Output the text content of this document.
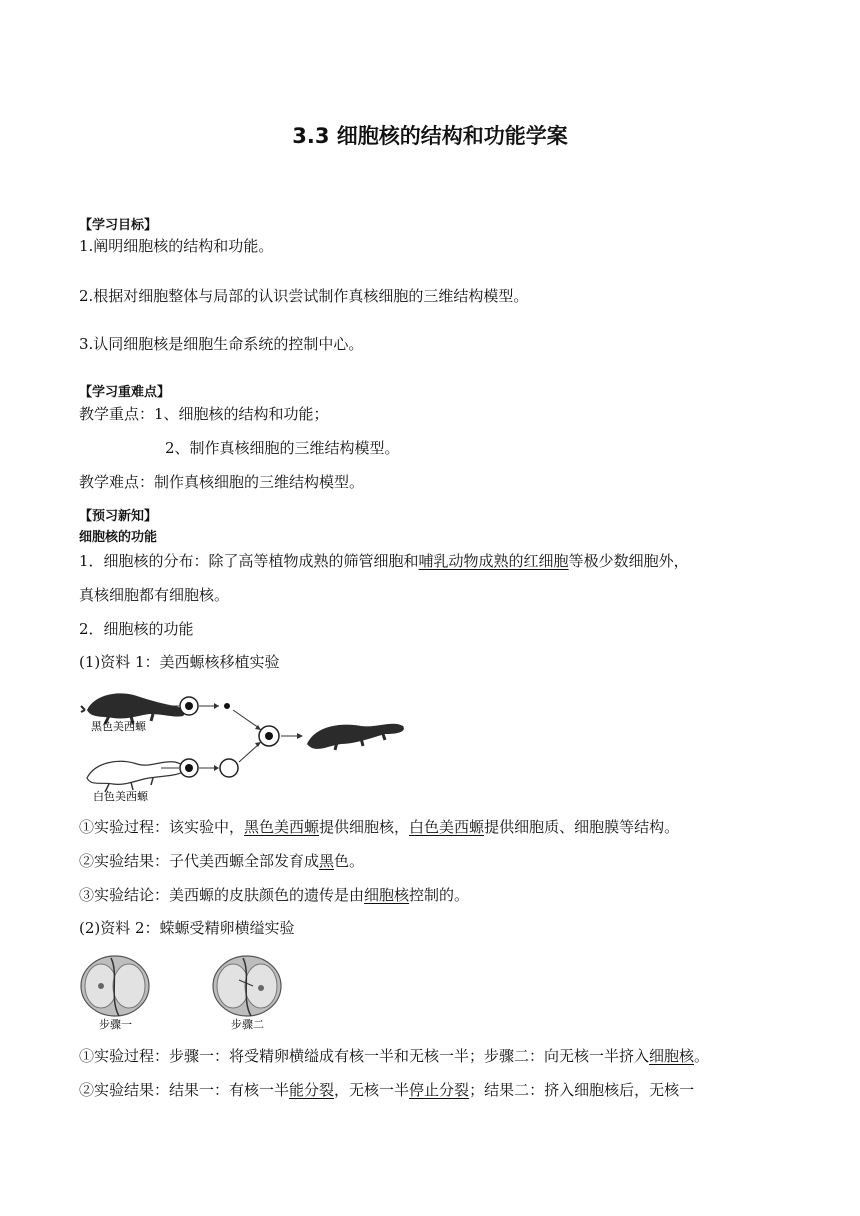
3.3 细胞核的结构和功能学案
【学习目标】
1.阐明细胞核的结构和功能。
2.根据对细胞整体与局部的认识尝试制作真核细胞的三维结构模型。
3.认同细胞核是细胞生命系统的控制中心。
【学习重难点】
教学重点：1、细胞核的结构和功能；
2、制作真核细胞的三维结构模型。
教学难点：制作真核细胞的三维结构模型。
【预习新知】
细胞核的功能
1．细胞核的分布：除了高等植物成熟的筛管细胞和哺乳动物成熟的红细胞等极少数细胞外，
真核细胞都有细胞核。
2．细胞核的功能
(1)资料 1：美西螈核移植实验
黑色美西螈
白色美西螈
①实验过程：该实验中，黑色美西螈提供细胞核，白色美西螈提供细胞质、细胞膜等结构。
②实验结果：子代美西螈全部发育成黑色。
③实验结论：美西螈的皮肤颜色的遗传是由细胞核控制的。
(2)资料 2：蝾螈受精卵横缢实验
步骤一	步骤二
①实验过程：步骤一：将受精卵横缢成有核一半和无核一半；步骤二：向无核一半挤入细胞核。
②实验结果：结果一：有核一半能分裂，无核一半停止分裂；结果二：挤入细胞核后，无核一
